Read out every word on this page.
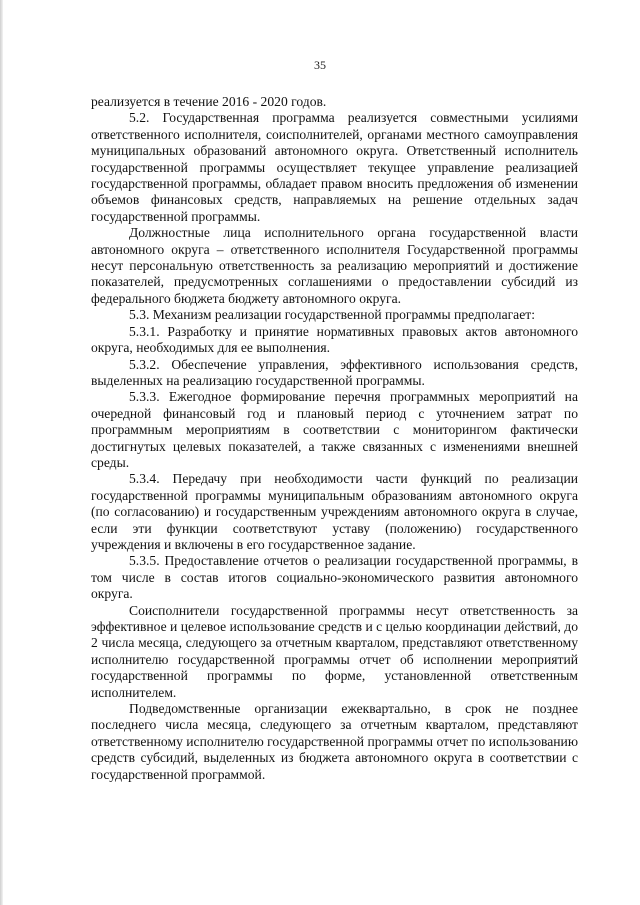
35

реализуется в течение 2016 - 2020 годов.

5.2. Государственная программа реализуется совместными усилиями ответственного исполнителя, соисполнителей, органами местного самоуправления муниципальных образований автономного округа. Ответственный исполнитель государственной программы осуществляет текущее управление реализацией государственной программы, обладает правом вносить предложения об изменении объемов финансовых средств, направляемых на решение отдельных задач государственной программы.

Должностные лица исполнительного органа государственной власти автономного округа – ответственного исполнителя Государственной программы несут персональную ответственность за реализацию мероприятий и достижение показателей, предусмотренных соглашениями о предоставлении субсидий из федерального бюджета бюджету автономного округа.

5.3. Механизм реализации государственной программы предполагает:

5.3.1. Разработку и принятие нормативных правовых актов автономного округа, необходимых для ее выполнения.

5.3.2. Обеспечение управления, эффективного использования средств, выделенных на реализацию государственной программы.

5.3.3. Ежегодное формирование перечня программных мероприятий на очередной финансовый год и плановый период с уточнением затрат по программным мероприятиям в соответствии с мониторингом фактически достигнутых целевых показателей, а также связанных с изменениями внешней среды.

5.3.4. Передачу при необходимости части функций по реализации государственной программы муниципальным образованиям автономного округа (по согласованию) и государственным учреждениям автономного округа в случае, если эти функции соответствуют уставу (положению) государственного учреждения и включены в его государственное задание.

5.3.5. Предоставление отчетов о реализации государственной программы, в том числе в состав итогов социально-экономического развития автономного округа.

Соисполнители государственной программы несут ответственность за эффективное и целевое использование средств и с целью координации действий, до 2 числа месяца, следующего за отчетным кварталом, представляют ответственному исполнителю государственной программы отчет об исполнении мероприятий государственной программы по форме, установленной ответственным исполнителем.

Подведомственные организации ежеквартально, в срок не позднее последнего числа месяца, следующего за отчетным кварталом, представляют ответственному исполнителю государственной программы отчет по использованию средств субсидий, выделенных из бюджета автономного округа в соответствии с государственной программой.
